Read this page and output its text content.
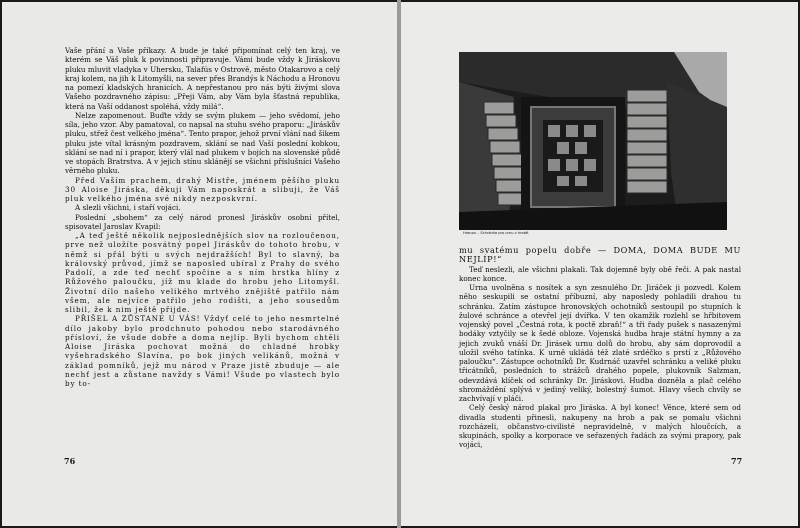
Vaše přání a Vaše příkazy. A bude je také připomínat celý ten kraj, ve kterém se Váš pluk k povinnosti připravuje. Vámi bude vždy k Jiráskovu pluku mluvit vladyka v Uhersku, Talafús v Ostrově, město Otakarovo a celý kraj kolem, na jih k Litomyšli, na sever přes Brandýs k Náchodu a Hronovu na pomezí kladských hranicích. A nepřestanou pro nás býti živými slova Vašeho pozdravného zápisu: „Přeji Vám, aby Vám byla šťastná republika, která na Vaší oddanost spoléhá, vždy milá“.

Nelze zapomenout. Buďte vždy se svým plukem — jeho svědomí, jeho síla, jeho vzor. Aby pamatoval, co napsal na stuhu svého praporu: „Jiráskův pluku, střež čest velkého jména“. Tento prapor, jehož první vlání nad šikem pluku jste vítal krásným pozdravem, sklání se nad Vaší poslední kobkou, sklání se nad ní i prapor, který vlál nad plukem v bojích na slovenské půdě ve stopách Bratrstva. A v jejich stínu sklánějí se všichni příslušníci Vašeho věrného pluku.

Před Vaším prachem, drahý Mistře, jménem pěšího pluku 30 Aloise Jiráska, děkuji Vám naposkrát a slibuji, že Váš pluk velkého jména své nikdy nezposkvrní.

A slezli všichni, i staří vojáci.

Poslední „sbohem“ za celý národ pronesl Jiráskův osobní přítel, spisovatel Jaroslav Kvapil:

„A teď ještě několik nejposlednějších slov na rozloučenou, prve než uložíte posvátný popel Jiráskův do tohoto hrobu, v němž si přál býti u svých nejdražších! Byl to slavný, ba královský průvod, jímž se naposled ubíral z Prahy do svého Padolí, a zde teď nechť spočine a s ním hrstka hlíny z Růžového paloučku, jíž mu klade do hrobu jeho Litomyšl. Životní dílo našeho velikého mrtvého znějiště patřilo nám všem, ale nejvíce patřilo jeho rodišti, a jeho sousedům slibil, že k nim ještě přijde.

PŘIŠEL A ZŮSTANE U VÁS! Vždyť celé to jeho nesmrtelné dílo jakoby bylo prodchnuto pohodou nebo starodávného přísloví, že všude dobře a doma nejlíp. Byli bychom chtěli Aloise Jiráska pochovat možná do chladné hrobky vyšehradského Slavína, po bok jiných velikánů, možná v základ pomníků, jejž mu národ v Praze jistě zbuduje — ale nechť jest a zůstane navždy s Vámi! Všude po vlastech bylo by to-

76
Hronov. - Schránka pro urnu v hrobě.

mu svatému popelu dobře — DOMA, DOMA BUDE MU NEJLÍP!“

Teď neslezli, ale všichni plakali. Tak dojemně byly obě řeči. A pak nastal konec konce.

Urna uvolněna s nosítek a syn zesnulého Dr. Jiráček ji pozvedl. Kolem něho seskupili se ostatní příbuzní, aby naposledy pohladili drahou tu schránku. Zatím zástupce hronovských ochotníků sestoupil po stupních k žulové schránce a otevřel její dvířka. V ten okamžik rozlehl se hřbitovem vojenský povel „Čestná rota, k poctě zbraň!“ a tři řady pušek s nasazenými bodáky vztyčily se k šedé obloze. Vojenská hudba hraje státní hymny a za jejich zvuků vnáší Dr. Jirásek urnu dolů do hrobu, aby sám doprovodil a uložil svého tatínka. K urně ukládá též zlaté srdéčko s prstí z „Růžového paloučku“. Zástupce ochotníků Dr. Kudrnáč uzavřel schránku a veliké pluku třicátníků, posledních to strážců drahého popele, plukovník Salzman, odevzdává klíček od schránky Dr. Jiráskovi. Hudba dozněla a plač celého shromáždění splývá v jediný veliký, bolestný šumot. Hlavy všech chvíly se zachvívají v pláči.

Celý český národ plakal pro Jiráska. A byl konec! Věnce, které sem od divadla studenti přinesli, nakupeny na hrob a pak se pomalu všichni rozcházeli, občanstvo-civilisté nepravidelně, v malých hloučcích, a skupinách, spolky a korporace ve seřazených řadách za svými prapory, pak vojáci,

77
